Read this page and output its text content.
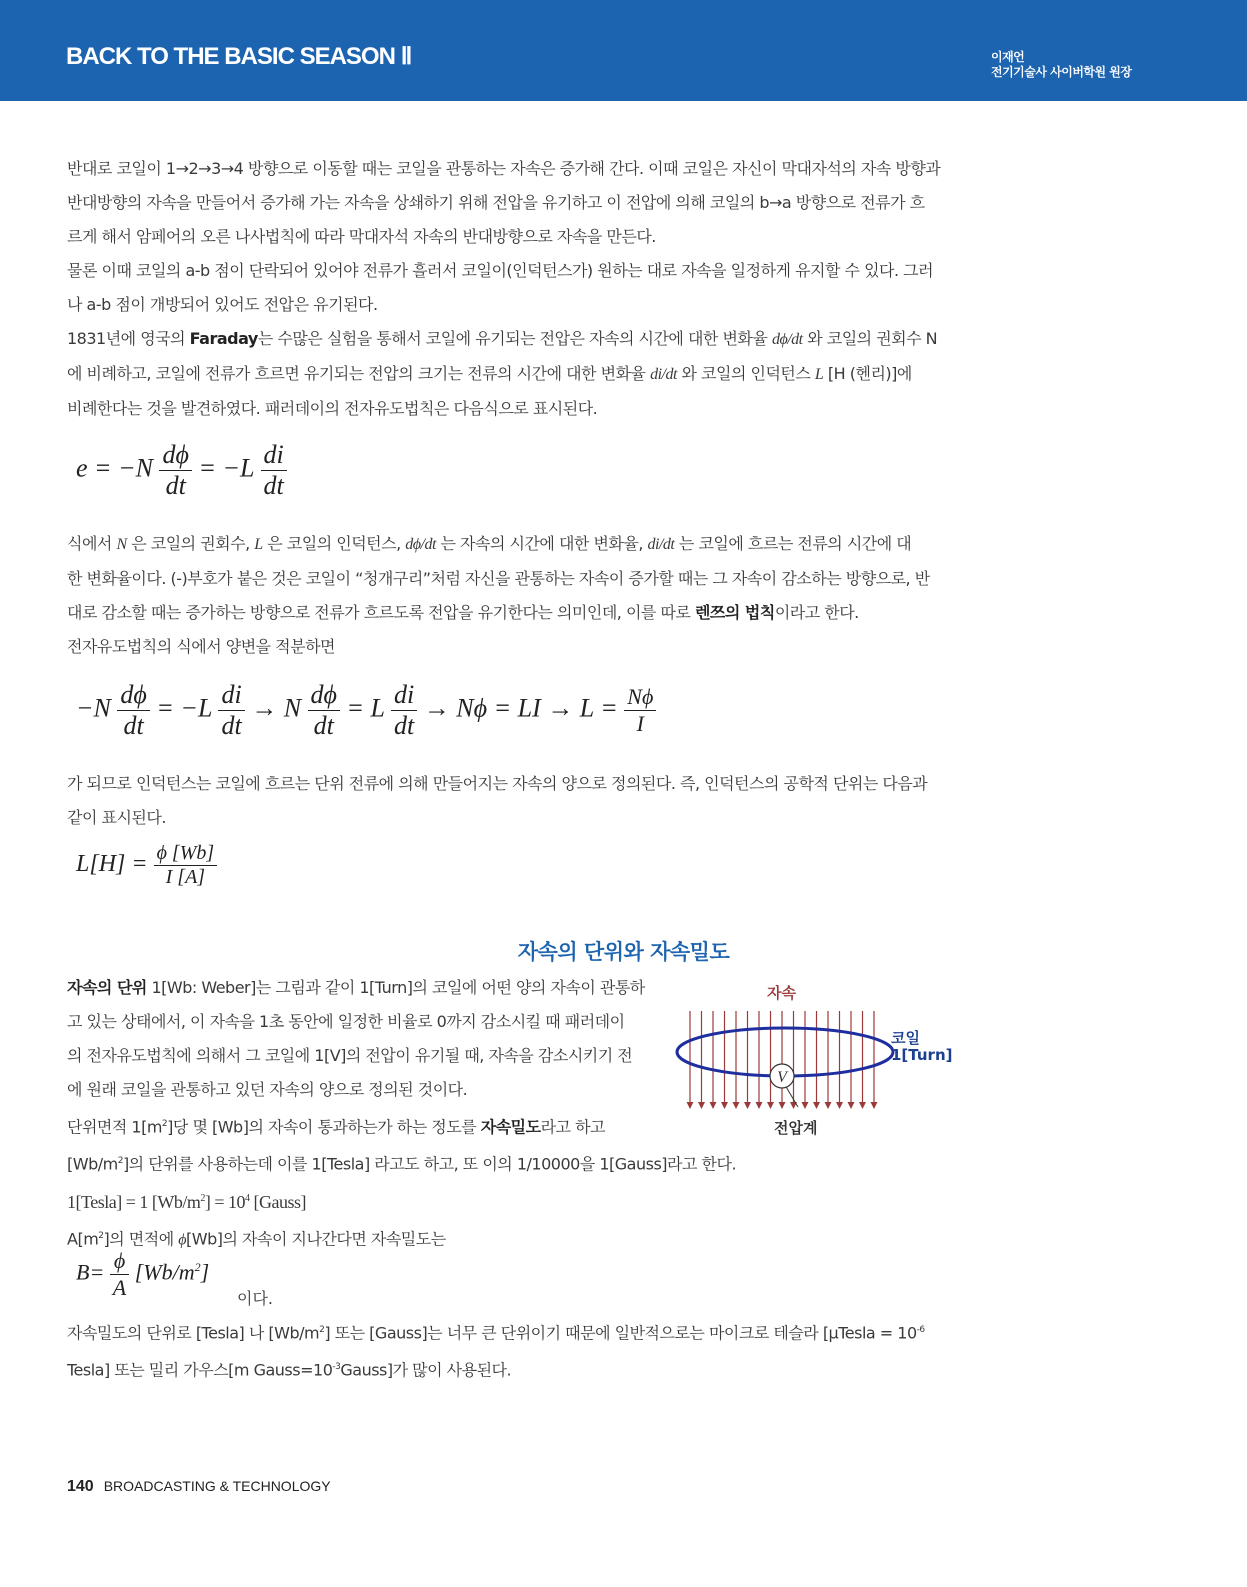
BACK TO THE BASIC SEASON Ⅱ	이재언
전기기술사 사이버학원 원장
반대로 코일이 1→2→3→4 방향으로 이동할 때는 코일을 관통하는 자속은 증가해 간다. 이때 코일은 자신이 막대자석의 자속 방향과
반대방향의 자속을 만들어서 증가해 가는 자속을 상쇄하기 위해 전압을 유기하고 이 전압에 의해 코일의 b→a 방향으로 전류가 흐
르게 해서 암페어의 오른 나사법칙에 따라 막대자석 자속의 반대방향으로 자속을 만든다.
물론 이때 코일의 a-b 점이 단락되어 있어야 전류가 흘러서 코일이(인덕턴스가) 원하는 대로 자속을 일정하게 유지할 수 있다. 그러
나 a-b 점이 개방되어 있어도 전압은 유기된다.
1831년에 영국의 Faraday는 수많은 실험을 통해서 코일에 유기되는 전압은 자속의 시간에 대한 변화율 dϕ/dt 와 코일의 권회수 N
에 비례하고, 코일에 전류가 흐르면 유기되는 전압의 크기는 전류의 시간에 대한 변화율 di/dt 와 코일의 인덕턴스 L [H (헨리)]에
비례한다는 것을 발견하였다. 패러데이의 전자유도법칙은 다음식으로 표시된다.
$e = -N \frac{d\phi}{dt} = -L \frac{di}{dt}$
식에서 N 은 코일의 권회수, L 은 코일의 인덕턴스, dϕ/dt 는 자속의 시간에 대한 변화율, di/dt 는 코일에 흐르는 전류의 시간에 대
한 변화율이다. (-)부호가 붙은 것은 코일이 “청개구리”처럼 자신을 관통하는 자속이 증가할 때는 그 자속이 감소하는 방향으로, 반
대로 감소할 때는 증가하는 방향으로 전류가 흐르도록 전압을 유기한다는 의미인데, 이를 따로 렌쯔의 법칙이라고 한다.
전자유도법칙의 식에서 양변을 적분하면
$-N \frac{d\phi}{dt} = -L \frac{di}{dt} \to N \frac{d\phi}{dt} = L \frac{di}{dt} \to N\phi$ = LI → $L = \frac{N\phi}{I}$
가 되므로 인덕턴스는 코일에 흐르는 단위 전류에 의해 만들어지는 자속의 양으로 정의된다. 즉, 인덕턴스의 공학적 단위는 다음과
같이 표시된다.
$L[H] = \frac{\phi [Wb]}{I [A]}$
자속의 단위와 자속밀도
자속의 단위 1[Wb: Weber]는 그림과 같이 1[Turn]의 코일에 어떤 양의 자속이 관통하
고 있는 상태에서, 이 자속을 1초 동안에 일정한 비율로 0까지 감소시킬 때 패러데이
의 전자유도법칙에 의해서 그 코일에 1[V]의 전압이 유기될 때, 자속을 감소시키기 전
에 원래 코일을 관통하고 있던 자속의 양으로 정의된 것이다.
단위면적 $1[m^2]$당 몇 [Wb]의 자속이 통과하는가 하는 정도를 자속밀도라고 하고
$[Wb/m^2]$의 단위를 사용하는데 이를 1[Tesla] 라고도 하고, 또 이의 1/10000을 1[Gauss]라고 한다.
1[Tesla] = 1 $[Wb/m^2] = 10^4$ [Gauss]
$A[m^2]$의 면적에 ϕ[Wb]의 자속이 지나간다면 자속밀도는
$B= \frac{\phi}{A} [Wb/m^2]$
이다.
자속밀도의 단위로 [Tesla] 나 $[Wb/m^2]$ 또는 [Gauss]는 너무 큰 단위이기 때문에 일반적으로는 마이크로 테슬라 [μTesla = $10^{-6}$
Tesla] 또는 밀리 가우스[m $Gauss=10^{-3}Gauss$]가 많이 사용된다.
V
자속
코일
1[Turn]
전압계
140 BROADCASTING & TECHNOLOGY
